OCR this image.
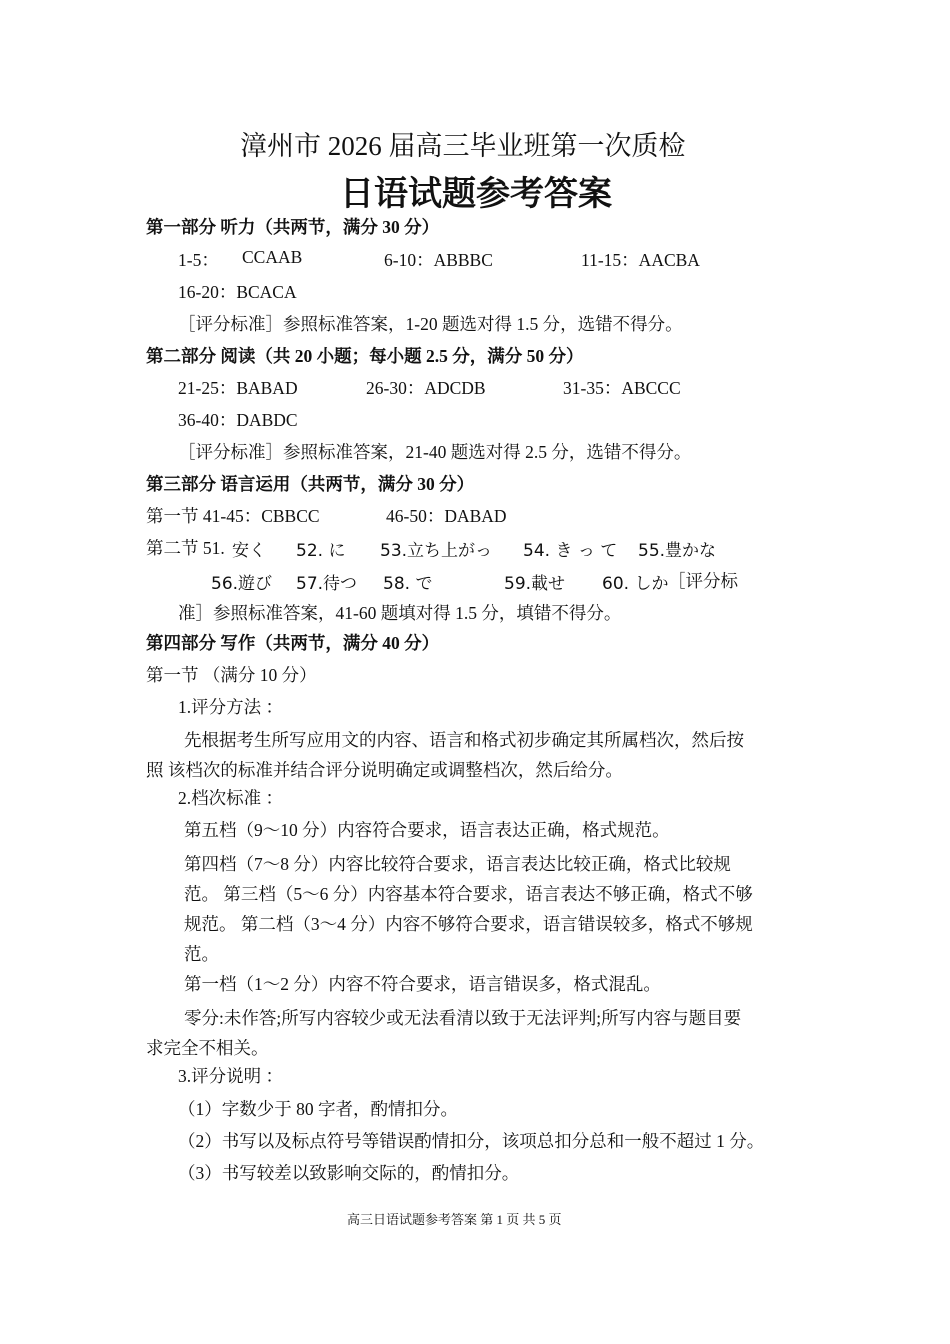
漳州市 2026 届高三毕业班第一次质检
日语试题参考答案
第一部分 听力（共两节，满分 30 分）
1-5： CCAAB	6-10：ABBBC	11-15：AACBA
16-20：BCACA
［评分标准］参照标准答案，1-20 题选对得 1.5 分，选错不得分。
第二部分 阅读（共 20 小题；每小题 2.5 分，满分 50 分）
21-25：BABAD	26-30：ADCDB	31-35：ABCCC
36-40：DABDC
［评分标准］参照标准答案，21-40 题选对得 2.5 分，选错不得分。
第三部分 语言运用（共两节，满分 30 分）
第一节 41-45：CBBCC	46-50：DABAD
第二节 51. 安く 52. に 53.立ち上がっ 54. き っ て 55.豊かな
56.遊び 57.待つ 58. で	59.載せ 60. しか ［评分标
准］参照标准答案，41-60 题填对得 1.5 分，填错不得分。
第四部分 写作（共两节，满分 40 分）
第一节 （满分 10 分）
1.评分方法 ：
先根据考生所写应用文的内容、语言和格式初步确定其所属档次，然后按
照 该档次的标准并结合评分说明确定或调整档次，然后给分。
2.档次标准 ：
第五档（9～10 分）内容符合要求，语言表达正确，格式规范。
第四档（7～8 分）内容比较符合要求，语言表达比较正确，格式比较规
范。 第三档（5～6 分）内容基本符合要求，语言表达不够正确，格式不够
规范。 第二档（3～4 分）内容不够符合要求，语言错误较多，格式不够规
范。
第一档（1～2 分）内容不符合要求，语言错误多，格式混乱。
零分:未作答;所写内容较少或无法看清以致于无法评判;所写内容与题目要
求完全不相关。
3.评分说明 ：
（1）字数少于 80 字者，酌情扣分。
（2）书写以及标点符号等错误酌情扣分，该项总扣分总和一般不超过 1 分。
（3）书写较差以致影响交际的，酌情扣分。
高三日语试题参考答案 第 1 页 共 5 页
